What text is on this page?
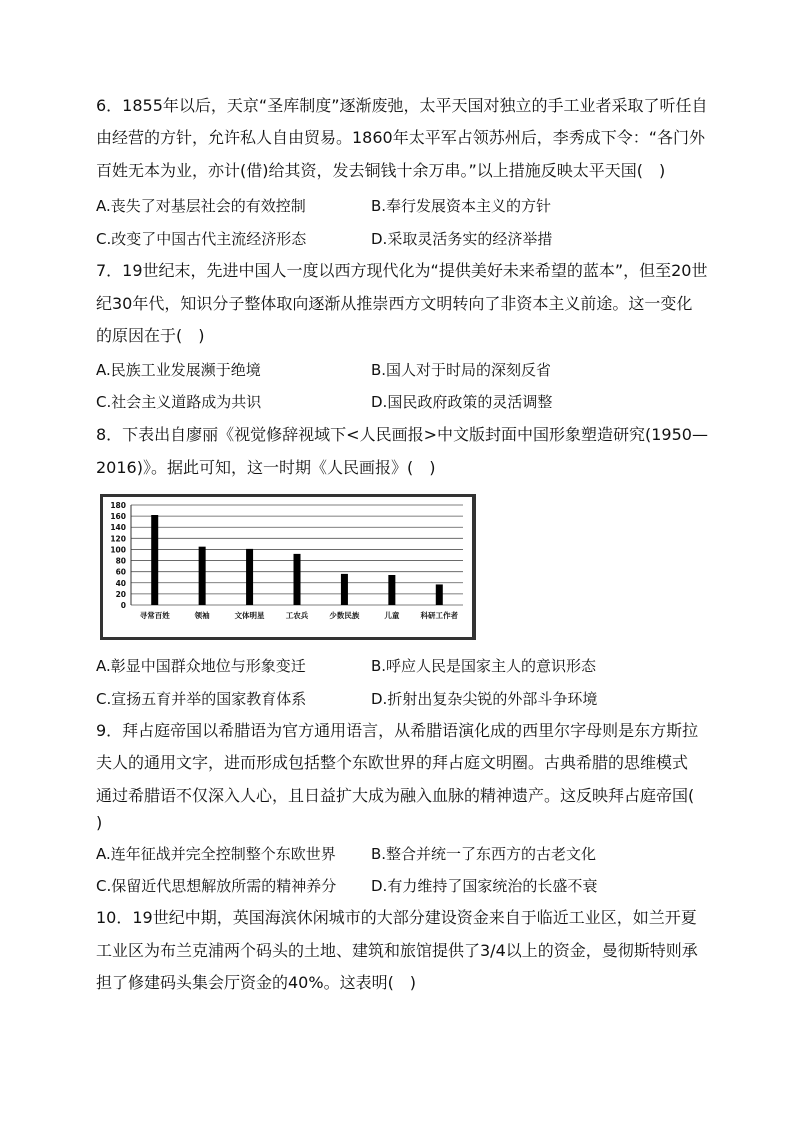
6．1855年以后，天京“圣库制度”逐渐废弛，太平天国对独立的手工业者采取了听任自
由经营的方针，允许私人自由贸易。1860年太平军占领苏州后，李秀成下令：“各门外
百姓无本为业，亦计(借)给其资，发去铜钱十余万串。”以上措施反映太平天国(　)
A.丧失了对基层社会的有效控制	B.奉行发展资本主义的方针
C.改变了中国古代主流经济形态	D.采取灵活务实的经济举措
7．19世纪末，先进中国人一度以西方现代化为“提供美好未来希望的蓝本”，但至20世
纪30年代，知识分子整体取向逐渐从推崇西方文明转向了非资本主义前途。这一变化
的原因在于(　)
A.民族工业发展濒于绝境	B.国人对于时局的深刻反省
C.社会主义道路成为共识	D.国民政府政策的灵活调整
8．下表出自廖丽《视觉修辞视域下<人民画报>中文版封面中国形象塑造研究(1950—
2016)》。据此可知，这一时期《人民画报》(　)
0
20
40
60
80
100
120
140
160
180
寻常百姓	领袖	文体明星	工农兵	少数民族	儿童	科研工作者
A.彰显中国群众地位与形象变迁	B.呼应人民是国家主人的意识形态
C.宣扬五育并举的国家教育体系	D.折射出复杂尖锐的外部斗争环境
9．拜占庭帝国以希腊语为官方通用语言，从希腊语演化成的西里尔字母则是东方斯拉
夫人的通用文字，进而形成包括整个东欧世界的拜占庭文明圈。古典希腊的思维模式
通过希腊语不仅深入人心，且日益扩大成为融入血脉的精神遗产。这反映拜占庭帝国(
)
A.连年征战并完全控制整个东欧世界 B.整合并统一了东西方的古老文化
C.保留近代思想解放所需的精神养分 D.有力维持了国家统治的长盛不衰
10．19世纪中期，英国海滨休闲城市的大部分建设资金来自于临近工业区，如兰开夏
工业区为布兰克浦两个码头的土地、建筑和旅馆提供了3/4以上的资金，曼彻斯特则承
担了修建码头集会厅资金的40%。这表明(　)
